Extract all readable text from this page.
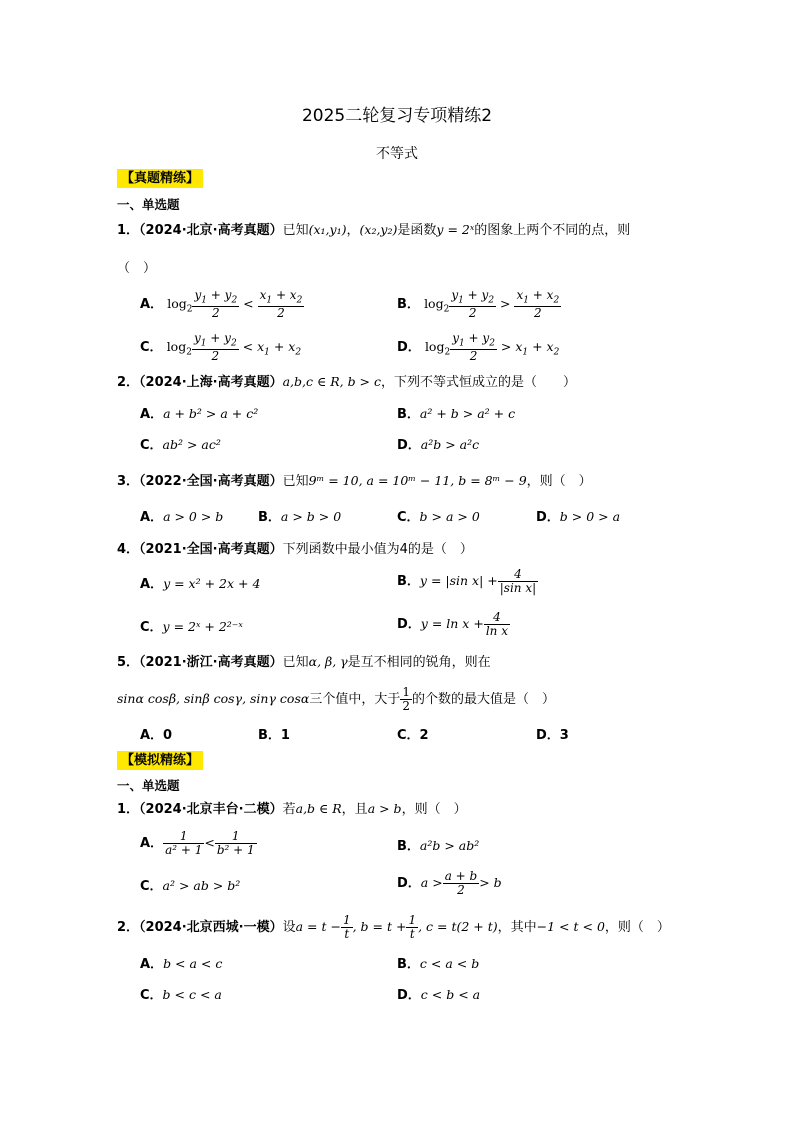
2025二轮复习专项精练2
不等式
【真题精练】
一、单选题
1．（2024·北京·高考真题）已知(x₁,y₁)，(x₂,y₂)是函数y = 2ˣ的图象上两个不同的点，则
（　）
A． $\log_2 \frac{y_1 + y_2}{2} < \frac{x_1 + x_2}{2}$	B． $\log_2 \frac{y_1 + y_2}{2} > \frac{x_1 + x_2}{2}$
C． $\log_2 \frac{y_1 + y_2}{2} < x_1 + x_2$	D． $\log_2 \frac{y_1 + y_2}{2} > x_1 + x_2$
2．（2024·上海·高考真题）a,b,c ∈ R, b > c，下列不等式恒成立的是（　　）
A．a + b² > a + c²	B．a² + b > a² + c
C．ab² > ac²	D．a²b > a²c
3．（2022·全国·高考真题）已知9ᵐ = 10, a = 10ᵐ − 11, b = 8ᵐ − 9，则（　）
A．a > 0 > b	B．a > b > 0	C．b > a > 0	D．b > 0 > a
4．（2021·全国·高考真题）下列函数中最小值为4的是（　）
A．y = x² + 2x + 4	B．y = |sin $x| + \frac{4}{\text{|sin x|}}$
C．y = 2ˣ + 2²⁻ˣ	D．$y = \ln x + \frac{4}{\text{ln x}}$
5．（2021·浙江·高考真题）已知α, β, γ是互不相同的锐角，则在
sinα cosβ, sinβ cosγ, sinγ cosα三个值中，大于 $\frac{1}{2}$ 的个数的最大值是（　）
A．0	B．1	C．2	D．3
【模拟精练】
一、单选题
1．（2024·北京丰台·二模）若a,b ∈ R，且a > b，则（　）
A． $\frac{1}{\text{a² + 1}} < \frac{1}{\text{b² + 1}}$	B．a²b > ab²
C．a² > ab > b²	D．$a > \frac{a + b}{2} > b$
2．（2024·北京西城·一模）设$a = t - \frac{1}{t}$ , $b = t + \frac{1}{t}$ , c = t(2 + t)，其中−1 < t < 0，则（　）
A．b < a < c	B．c < a < b
C．b < c < a	D．c < b < a
